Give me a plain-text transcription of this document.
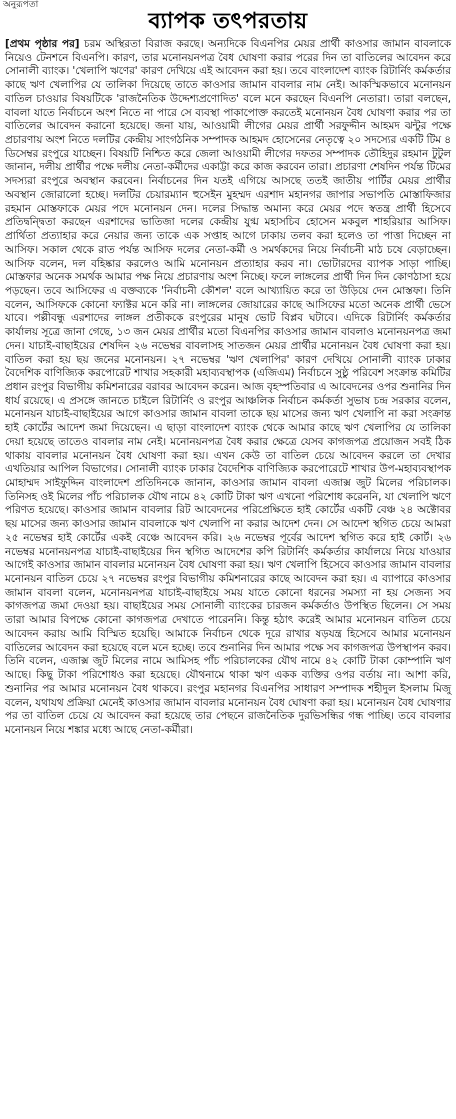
অনুরূপতা
ব্যাপক তৎপরতায়

[প্রথম পৃষ্ঠার পর] চরম অস্থিরতা বিরাজ করছে। অন্যদিকে বিএনপির মেয়র প্রার্থী কাওসার জামান বাবলাকে নিয়েও টেনশনে বিএনপি। কারণ, তার মনোনয়নপত্র বৈধ ঘোষণা করার পরের দিন তা বাতিলের আবেদন করে সোনালী ব্যাংক। 'খেলাপি ঋণের' কারণ দেখিয়ে এই আবেদন করা হয়। তবে বাংলাদেশ ব্যাংক রিটার্নিং কর্মকর্তার কাছে ঋণ খেলাপির যে তালিকা দিয়েছে তাতে কাওসার জামান বাবলার নাম নেই। আকস্মিকভাবে মনোনয়ন বাতিল চাওয়ার বিষয়টিকে 'রাজনৈতিক উদ্দেশ্যপ্রণোদিত' বলে মনে করছেন বিএনপি নেতারা। তারা বলছেন, বাবলা যাতে নির্বাচনে অংশ নিতে না পারে সে ব্যবস্থা পাকাপোক্ত করতেই মনোনয়ন বৈধ ঘোষণা করার পর তা বাতিলের আবেদন করানো হয়েছে। জনা যায়, আওয়ামী লীগের মেয়র প্রার্থী সরফুদ্দীন আহমদ ঝন্টুর পক্ষে প্রচারণায় অংশ নিতে দলটির কেন্দ্রীয় সাংগঠনিক সম্পাদক আহমদ হোসেনের নেতৃত্বে ২০ সদস্যের একটি টিম ৪ ডিসেম্বর রংপুরে যাচ্ছেন। বিষয়টি নিশ্চিত করে জেলা আওয়ামী লীগের দফতর সম্পাদক তৌহিদুর রহমান টুটুল জানান, দলীয় প্রার্থীর পক্ষে দলীয় নেতা-কর্মীদের একাট্টা করে কাজ করবেন তারা। প্রচারণা শেষদিন পর্যন্ত টিমের সদস্যরা রংপুরে অবস্থান করবেন। নির্বাচনের দিন যতই এগিয়ে আসছে ততই জাতীয় পার্টির মেয়র প্রার্থীর অবস্থান জোরালো হচ্ছে। দলটির চেয়ারম্যান হুসেইন মুহম্মদ এরশাদ মহানগর জাপার সভাপতি মোস্তাফিজার রহমান মোস্তফাকে মেয়র পদে মনোনয়ন দেন। দলের সিদ্ধান্ত অমান্য করে মেয়র পদে স্বতন্ত্র প্রার্থী হিসেবে প্রতিদ্বন্দ্বিতা করছেন এরশাদের ভাতিজা দলের কেন্দ্রীয় যুগ্ম মহাসচিব হোসেন মকবুল শাহরিয়ার আসিফ। প্রার্থিতা প্রত্যাহার করে নেয়ার জন্য তাকে এক সপ্তাহ আগে ঢাকায় তলব করা হলেও তা পাত্তা দিচ্ছেন না আসিফ। সকাল থেকে রাত পর্যন্ত আসিফ দলের নেতা-কর্মী ও সমর্থকদের নিয়ে নির্বাচনী মাঠ চষে বেড়াচ্ছেন। আসিফ বলেন, দল বহিষ্কার করলেও আমি মনোনয়ন প্রত্যাহার করব না। ভোটারদের ব্যাপক সাড়া পাচ্ছি। মোস্তফার অনেক সমর্থক আমার পক্ষ নিয়ে প্রচারণায় অংশ নিচ্ছে। ফলে লাঙ্গলের প্রার্থী দিন দিন কোণঠাসা হয়ে পড়ছেন। তবে আসিফের এ বক্তব্যকে 'নির্বাচনী কৌশল' বলে আখ্যায়িত করে তা উড়িয়ে দেন মোস্তফা। তিনি বলেন, আসিফকে কোনো ফ্যাক্টর মনে করি না। লাঙ্গলের জোয়ারের কাছে আসিফের মতো অনেক প্রার্থী ভেসে যাবে। পল্লীবন্ধু এরশাদের লাঙ্গল প্রতীককে রংপুরের মানুষ ভোট বিপ্লব ঘটাবে। এদিকে রিটার্নিং কর্মকর্তার কার্যালয় সূত্রে জানা গেছে, ১৩ জন মেয়র প্রার্থীর মতো বিএনপির কাওসার জামান বাবলাও মনোনয়নপত্র জমা দেন। যাচাই-বাছাইয়ের শেষদিন ২৬ নভেম্বর বাবলাসহ সাতজন মেয়র প্রার্থীর মনোনয়ন বৈধ ঘোষণা করা হয়। বাতিল করা হয় ছয় জনের মনোনয়ন। ২৭ নভেম্বর 'ঋণ খেলাপির' কারণ দেখিয়ে সোনালী ব্যাংক ঢাকার বৈদেশিক বাণিজ্যিক করপোরেট শাখার সহকারী মহাব্যবস্থাপক (এজিএম) নির্বাচনে সুষ্ঠু পরিবেশ সংক্রান্ত কমিটির প্রধান রংপুর বিভাগীয় কমিশনারের বরাবর আবেদন করেন। আজ বৃহস্পতিবার এ আবেদনের ওপর শুনানির দিন ধার্য রয়েছে। এ প্রসঙ্গে জানতে চাইলে রিটার্নিং ও রংপুর আঞ্চলিক নির্বাচন কর্মকর্তা সুভাষ চন্দ্র সরকার বলেন, মনোনয়ন যাচাই-বাছাইয়ের আগে কাওসার জামান বাবলা তাকে ছয় মাসের জন্য ঋণ খেলাপি না করা সংক্রান্ত হাই কোর্টের আদেশ জমা দিয়েছেন। এ ছাড়া বাংলাদেশ ব্যাংক থেকে আমার কাছে ঋণ খেলাপির যে তালিকা দেয়া হয়েছে তাতেও বাবলার নাম নেই। মনোনয়নপত্র বৈধ করার ক্ষেত্রে যেসব কাগজপত্র প্রয়োজন সবই ঠিক থাকায় বাবলার মনোনয়ন বৈধ ঘোষণা করা হয়। এখন কেউ তা বাতিল চেয়ে আবেদন করলে তা দেখার এখতিয়ার আপিল বিভাগের। সোনালী ব্যাংক ঢাকার বৈদেশিক বাণিজ্যিক করপোরেটে শাখার উপ-মহাব্যবস্থাপক মোহাম্মদ সাইফুদ্দিন বাংলাদেশ প্রতিদিনকে জানান, কাওসার জামান বাবলা এজাক্স জুট মিলের পরিচালক। তিনিসহ ওই মিলের পাঁচ পরিচালক যৌথ নামে ৪২ কোটি টাকা ঋণ এখনো পরিশোধ করেননি, যা খেলাপি ঋণে পরিণত হয়েছে। কাওসার জামান বাবলার রিট আবেদনের পরিপ্রেক্ষিতে হাই কোর্টের একটি বেঞ্চ ২৪ অক্টোবর ছয় মাসের জন্য কাওসার জামান বাবলাকে ঋণ খেলাপি না করার আদেশ দেন। সে আদেশ স্থগিত চেয়ে আমরা ২৫ নভেম্বর হাই কোর্টের একই বেঞ্চে আবেদন করি। ২৬ নভেম্বর পূর্বের আদেশ স্থগিত করে হাই কোর্ট। ২৬ নভেম্বর মনোনয়নপত্র যাচাই-বাছাইয়ের দিন স্থগিত আদেশের কপি রিটার্নিং কর্মকর্তার কার্যালয়ে নিয়ে যাওয়ার আগেই কাওসার জামান বাবলার মনোনয়ন বৈধ ঘোষণা করা হয়। ঋণ খেলাপি হিসেবে কাওসার জামান বাবলার মনোনয়ন বাতিল চেয়ে ২৭ নভেম্বর রংপুর বিভাগীয় কমিশনারের কাছে আবেদন করা হয়। এ ব্যাপারে কাওসার জামান বাবলা বলেন, মনোনয়নপত্র যাচাই-বাছাইয়ে সময় যাতে কোনো ধরনের সমস্যা না হয় সেজন্য সব কাগজপত্র জমা দেওয়া হয়। বাছাইয়ের সময় সোনালী ব্যাংকের চারজন কর্মকর্তাও উপস্থিত ছিলেন। সে সময় তারা আমার বিপক্ষে কোনো কাগজপত্র দেখাতে পারেননি। কিন্তু হঠাৎ করেই আমার মনোনয়ন বাতিল চেয়ে আবেদন করায় আমি বিস্মিত হয়েছি। আমাকে নির্বাচন থেকে দূরে রাখার ষড়যন্ত্র হিসেবে আমার মনোনয়ন বাতিলের আবেদন করা হয়েছে বলে মনে হচ্ছে। তবে শুনানির দিন আমার পক্ষে সব কাগজপত্র উপস্থাপন করব। তিনি বলেন, এজাক্স জুট মিলের নামে আমিসহ পাঁচ পরিচালকের যৌথ নামে ৪২ কোটি টাকা কোম্পানি ঋণ আছে। কিছু টাকা পরিশোধও করা হয়েছে। যৌথনামে থাকা ঋণ একক ব্যক্তির ওপর বর্তায় না। আশা করি, শুনানির পর আমার মনোনয়ন বৈধ থাকবে। রংপুর মহানগর বিএনপির সাধারণ সম্পাদক শহীদুল ইসলাম মিজু বলেন, যথাযথ প্রক্রিয়া মেনেই কাওসার জামান বাবলার মনোনয়ন বৈধ ঘোষণা করা হয়। মনোনয়ন বৈধ ঘোষণার পর তা বাতিল চেয়ে যে আবেদন করা হয়েছে তার পেছনে রাজনৈতিক দুরভিসন্ধির গন্ধ পাচ্ছি। তবে বাবলার মনোনয়ন নিয়ে শঙ্কার মধ্যে আছে নেতা-কর্মীরা।
